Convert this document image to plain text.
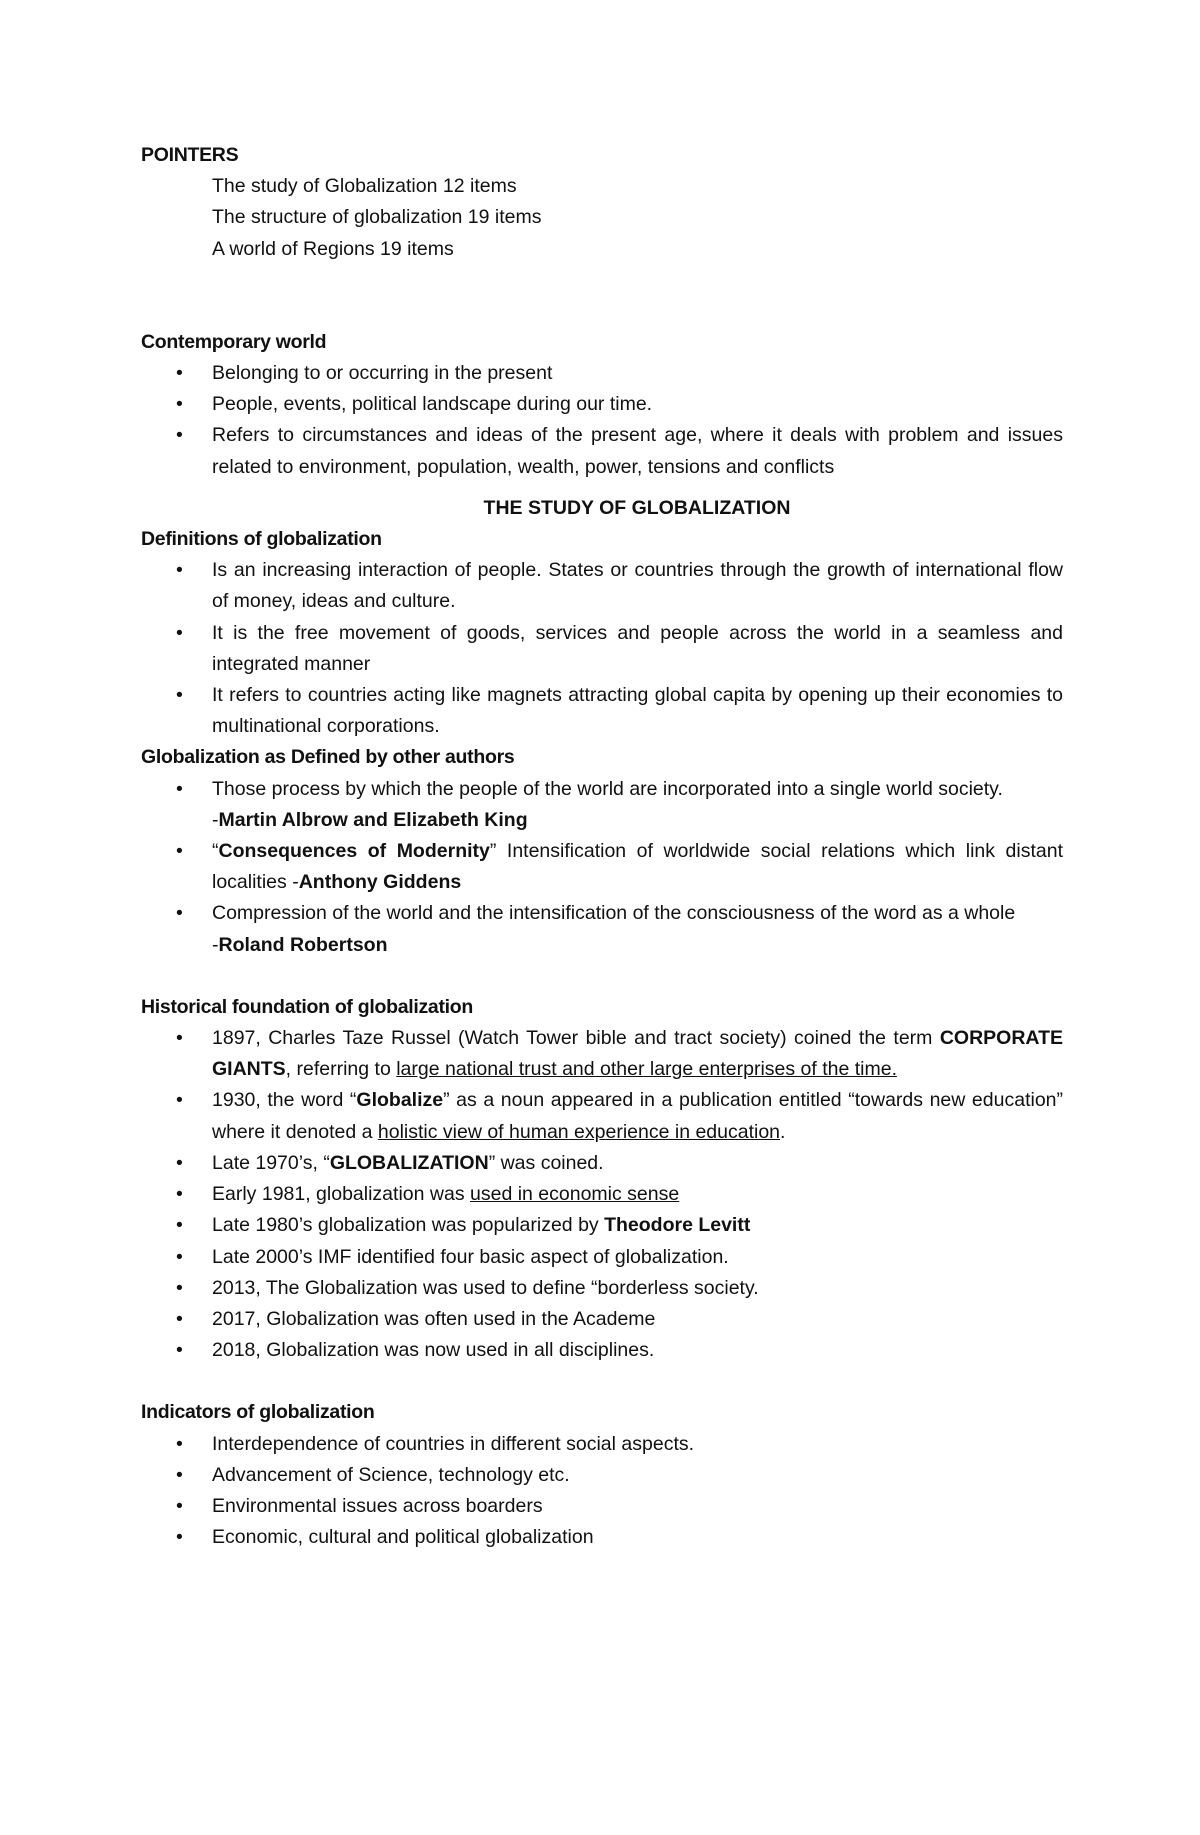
POINTERS
The study of Globalization 12 items
The structure of globalization 19 items
A world of Regions 19 items
Contemporary world
• Belonging to or occurring in the present
• People, events, political landscape during our time.
• Refers to circumstances and ideas of the present age, where it deals with problem and issues related to environment, population, wealth, power, tensions and conflicts
THE STUDY OF GLOBALIZATION
Definitions of globalization
• Is an increasing interaction of people. States or countries through the growth of international flow of money, ideas and culture.
• It is the free movement of goods, services and people across the world in a seamless and integrated manner
• It refers to countries acting like magnets attracting global capita by opening up their economies to multinational corporations.
Globalization as Defined by other authors
• Those process by which the people of the world are incorporated into a single world society.
-Martin Albrow and Elizabeth King
• “Consequences of Modernity” Intensification of worldwide social relations which link distant localities -Anthony Giddens
• Compression of the world and the intensification of the consciousness of the word as a whole
-Roland Robertson
Historical foundation of globalization
• 1897, Charles Taze Russel (Watch Tower bible and tract society) coined the term CORPORATE GIANTS, referring to large national trust and other large enterprises of the time.
• 1930, the word “Globalize” as a noun appeared in a publication entitled “towards new education” where it denoted a holistic view of human experience in education.
• Late 1970’s, “GLOBALIZATION” was coined.
• Early 1981, globalization was used in economic sense
• Late 1980’s globalization was popularized by Theodore Levitt
• Late 2000’s IMF identified four basic aspect of globalization.
• 2013, The Globalization was used to define “borderless society.
• 2017, Globalization was often used in the Academe
• 2018, Globalization was now used in all disciplines.
Indicators of globalization
• Interdependence of countries in different social aspects.
• Advancement of Science, technology etc.
• Environmental issues across boarders
• Economic, cultural and political globalization
